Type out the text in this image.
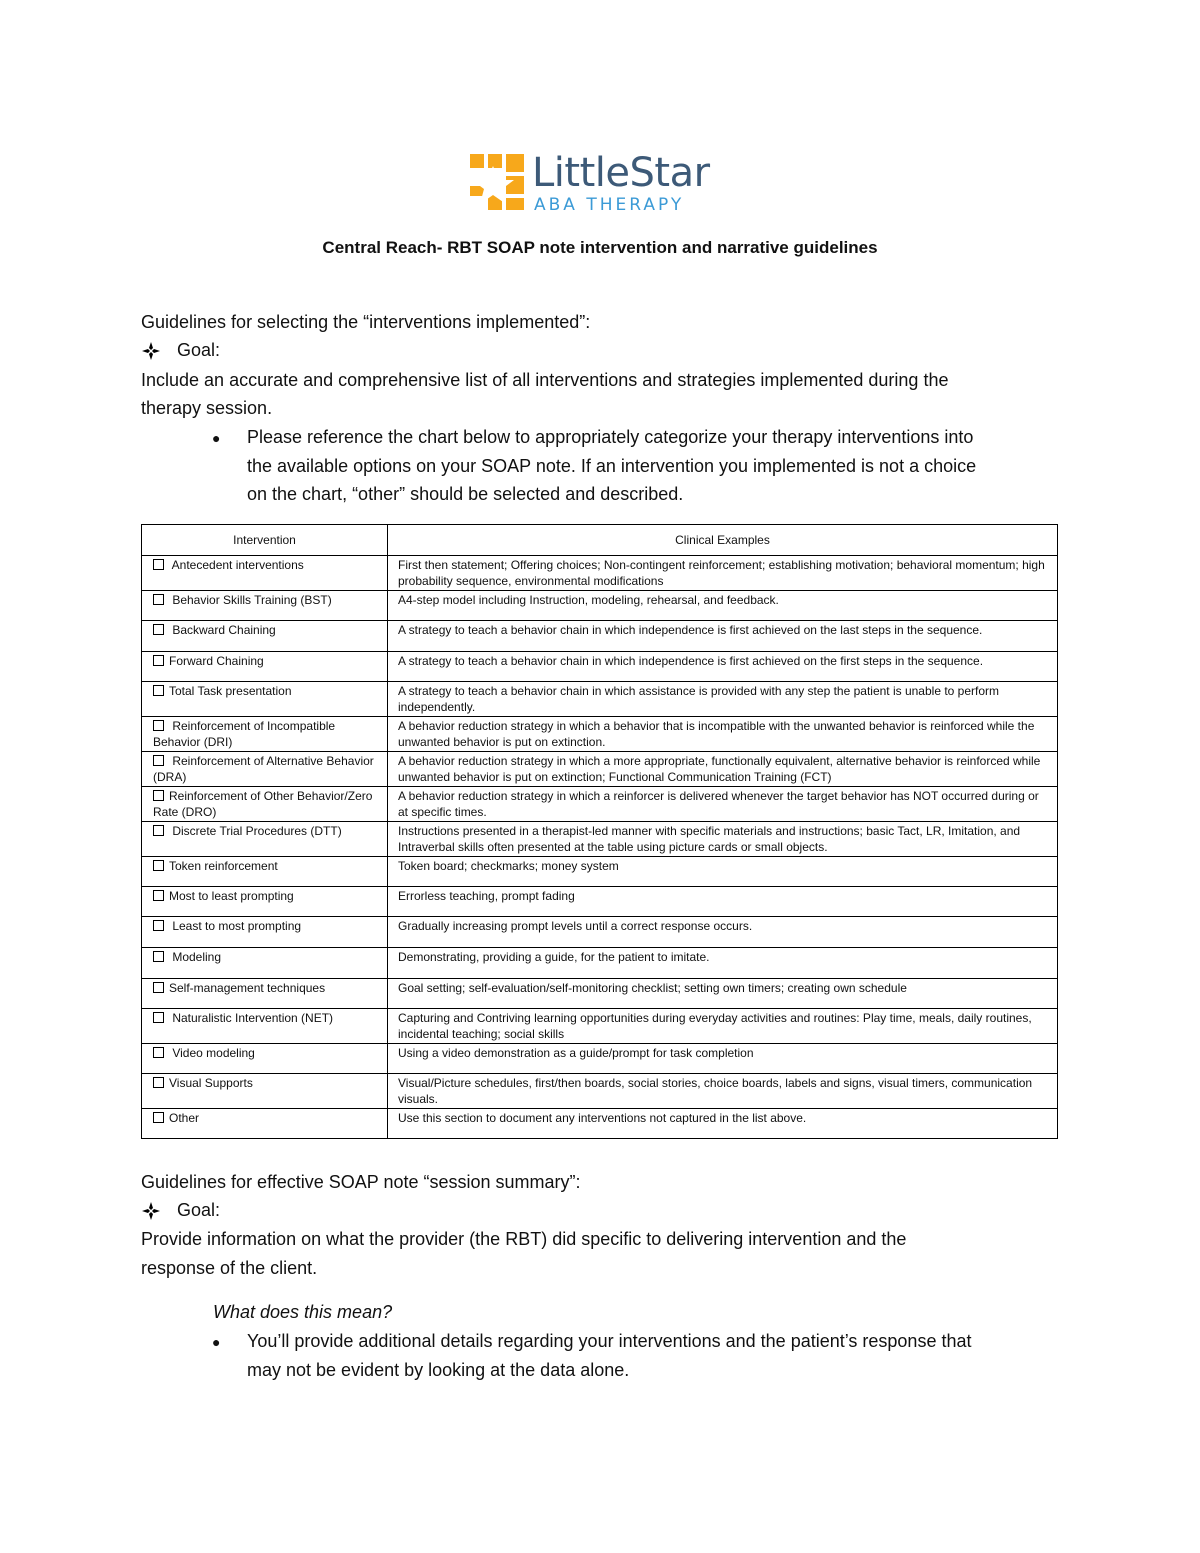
LittleStar
ABA THERAPY
Central Reach- RBT SOAP note intervention and narrative guidelines
Guidelines for selecting the “interventions implemented”:
Goal:
Include an accurate and comprehensive list of all interventions and strategies implemented during the
therapy session.
● Please reference the chart below to appropriately categorize your therapy interventions into
the available options on your SOAP note. If an intervention you implemented is not a choice
on the chart, “other” should be selected and described.
Intervention	Clinical Examples
Antecedent interventions	First then statement; Offering choices; Non-contingent reinforcement; establishing motivation; behavioral momentum; high probability sequence, environmental modifications
Behavior Skills Training (BST)	A4-step model including Instruction, modeling, rehearsal, and feedback.
Backward Chaining	A strategy to teach a behavior chain in which independence is first achieved on the last steps in the sequence.
Forward Chaining	A strategy to teach a behavior chain in which independence is first achieved on the first steps in the sequence.
Total Task presentation	A strategy to teach a behavior chain in which assistance is provided with any step the patient is unable to perform independently.
Reinforcement of Incompatible Behavior (DRI)	A behavior reduction strategy in which a behavior that is incompatible with the unwanted behavior is reinforced while the unwanted behavior is put on extinction.
Reinforcement of Alternative Behavior (DRA)	A behavior reduction strategy in which a more appropriate, functionally equivalent, alternative behavior is reinforced while unwanted behavior is put on extinction; Functional Communication Training (FCT)
Reinforcement of Other Behavior/Zero Rate (DRO)	A behavior reduction strategy in which a reinforcer is delivered whenever the target behavior has NOT occurred during or at specific times.
Discrete Trial Procedures (DTT)	Instructions presented in a therapist-led manner with specific materials and instructions; basic Tact, LR, Imitation, and Intraverbal skills often presented at the table using picture cards or small objects.
Token reinforcement	Token board; checkmarks; money system
Most to least prompting	Errorless teaching, prompt fading
Least to most prompting	Gradually increasing prompt levels until a correct response occurs.
Modeling	Demonstrating, providing a guide, for the patient to imitate.
Self-management techniques	Goal setting; self-evaluation/self-monitoring checklist; setting own timers; creating own schedule
Naturalistic Intervention (NET)	Capturing and Contriving learning opportunities during everyday activities and routines: Play time, meals, daily routines, incidental teaching; social skills
Video modeling	Using a video demonstration as a guide/prompt for task completion
Visual Supports	Visual/Picture schedules, first/then boards, social stories, choice boards, labels and signs, visual timers, communication visuals.
Other	Use this section to document any interventions not captured in the list above.
Guidelines for effective SOAP note “session summary”:
Goal:
Provide information on what the provider (the RBT) did specific to delivering intervention and the
response of the client.
What does this mean?
● You’ll provide additional details regarding your interventions and the patient’s response that
may not be evident by looking at the data alone.
